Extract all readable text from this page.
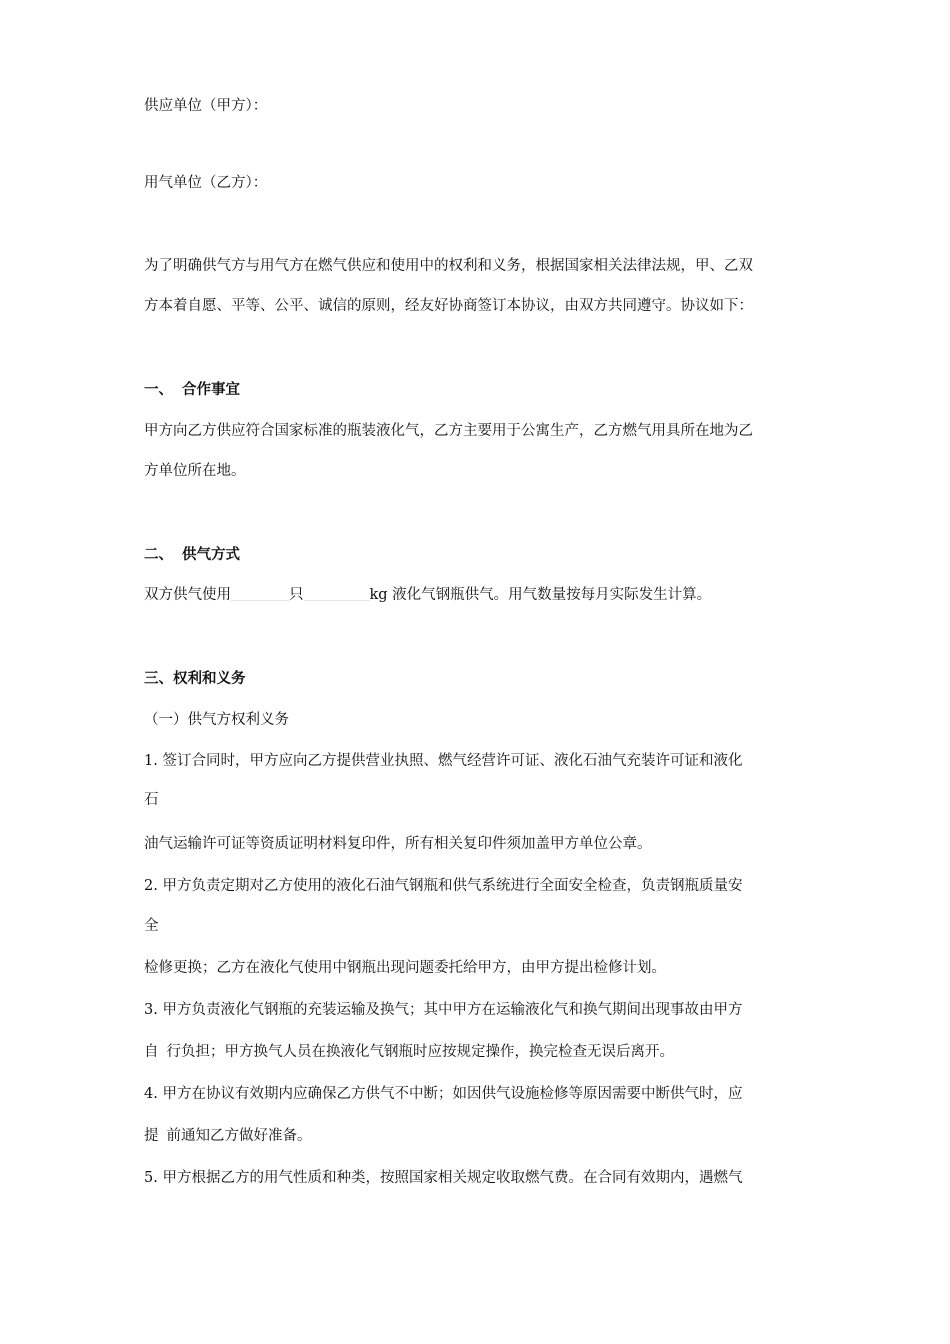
供应单位（甲方）：
用气单位（乙方）：
为了明确供气方与用气方在燃气供应和使用中的权利和义务，根据国家相关法律法规，甲、乙双
方本着自愿、平等、公平、诚信的原则，经友好协商签订本协议，由双方共同遵守。协议如下：
一、 合作事宜
甲方向乙方供应符合国家标准的瓶装液化气，乙方主要用于公寓生产，乙方燃气用具所在地为乙
方单位所在地。
二、 供气方式
双方供气使用	只	kg 液化气钢瓶供气。用气数量按每月实际发生计算。
三、权利和义务
（一）供气方权利义务
1. 签订合同时，甲方应向乙方提供营业执照、燃气经营许可证、液化石油气充装许可证和液化
石
油气运输许可证等资质证明材料复印件，所有相关复印件须加盖甲方单位公章。
2. 甲方负责定期对乙方使用的液化石油气钢瓶和供气系统进行全面安全检查，负责钢瓶质量安
全
检修更换；乙方在液化气使用中钢瓶出现问题委托给甲方，由甲方提出检修计划。
3. 甲方负责液化气钢瓶的充装运输及换气；其中甲方在运输液化气和换气期间出现事故由甲方
自 行负担；甲方换气人员在换液化气钢瓶时应按规定操作，换完检查无误后离开。
4. 甲方在协议有效期内应确保乙方供气不中断；如因供气设施检修等原因需要中断供气时，应
提 前通知乙方做好准备。
5. 甲方根据乙方的用气性质和种类，按照国家相关规定收取燃气费。在合同有效期内，遇燃气
